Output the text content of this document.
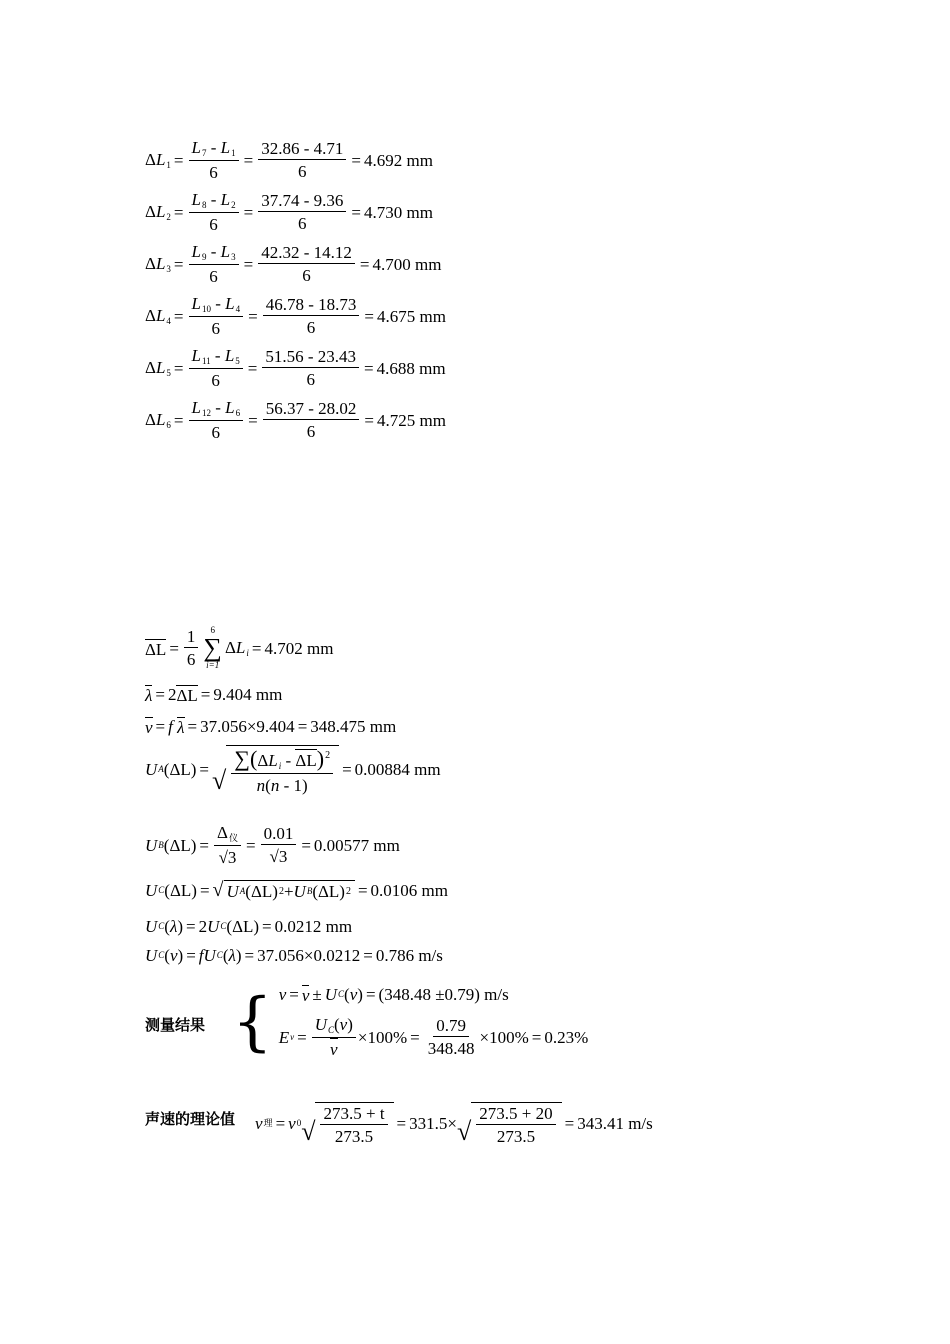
$\Delta L_1 = \frac{L_7 - L_1}{6} = \frac{32.86 - 4.71}{6} = 4.692$ mm
$\Delta L_2 = \frac{L_8 - L_2}{6} = \frac{37.74 - 9.36}{6} = 4.730$ mm
$\Delta L_3 = \frac{L_9 - L_3}{6} = \frac{42.32 - 14.12}{6} = 4.700$ mm
$\Delta L_4 = \frac{L_{10} - L_4}{6} = \frac{46.78 - 18.73}{6} = 4.675$ mm
$\Delta L_5 = \frac{L_{11} - L_5}{6} = \frac{51.56 - 23.43}{6} = 4.688$ mm
$\Delta L_6 = \frac{L_{12} - L_6}{6} = \frac{56.37 - 28.02}{6} = 4.725$ mm
$\Delta L = \frac{1}{6} 6$
∑
i=1
$\Delta L_i = 4.702$ mm
λ = 2 ΔL = 9.404 mm
v = f
λ = 37.056×9.404 = 348.475 mm
U A (ΔL) = √ $\frac{\sum(\Delta L_i - \Delta L)^2}{n(n - 1)} = 0.00884$ mm
U B $(\Delta L) = \frac{\Delta_仪}{√3} = \frac{0.01}{√3} = 0.00577$ mm
U C (ΔL) = √ U A (ΔL) 2 + U B (ΔL) 2 = 0.0106 mm
U C (λ) = 2 U C (ΔL) = 0.0212 mm
U C (v) = f U C (λ) = 37.056×0.0212 = 0.786 m/s
测量结果 { v = v ± U C (v) = (348.48 ±0.79) m/s
E $v = \frac{U_C(v)}{v} \times 100\% = \frac{0.79}{348.48} \times 100\% = 0.23\%$
声速的理论值 v 理 = v 0 √ $\frac{273.5 + t}{273.5} = 331.5$ × √ $\frac{273.5 + 20}{273.5} = 343.41$ m/s
